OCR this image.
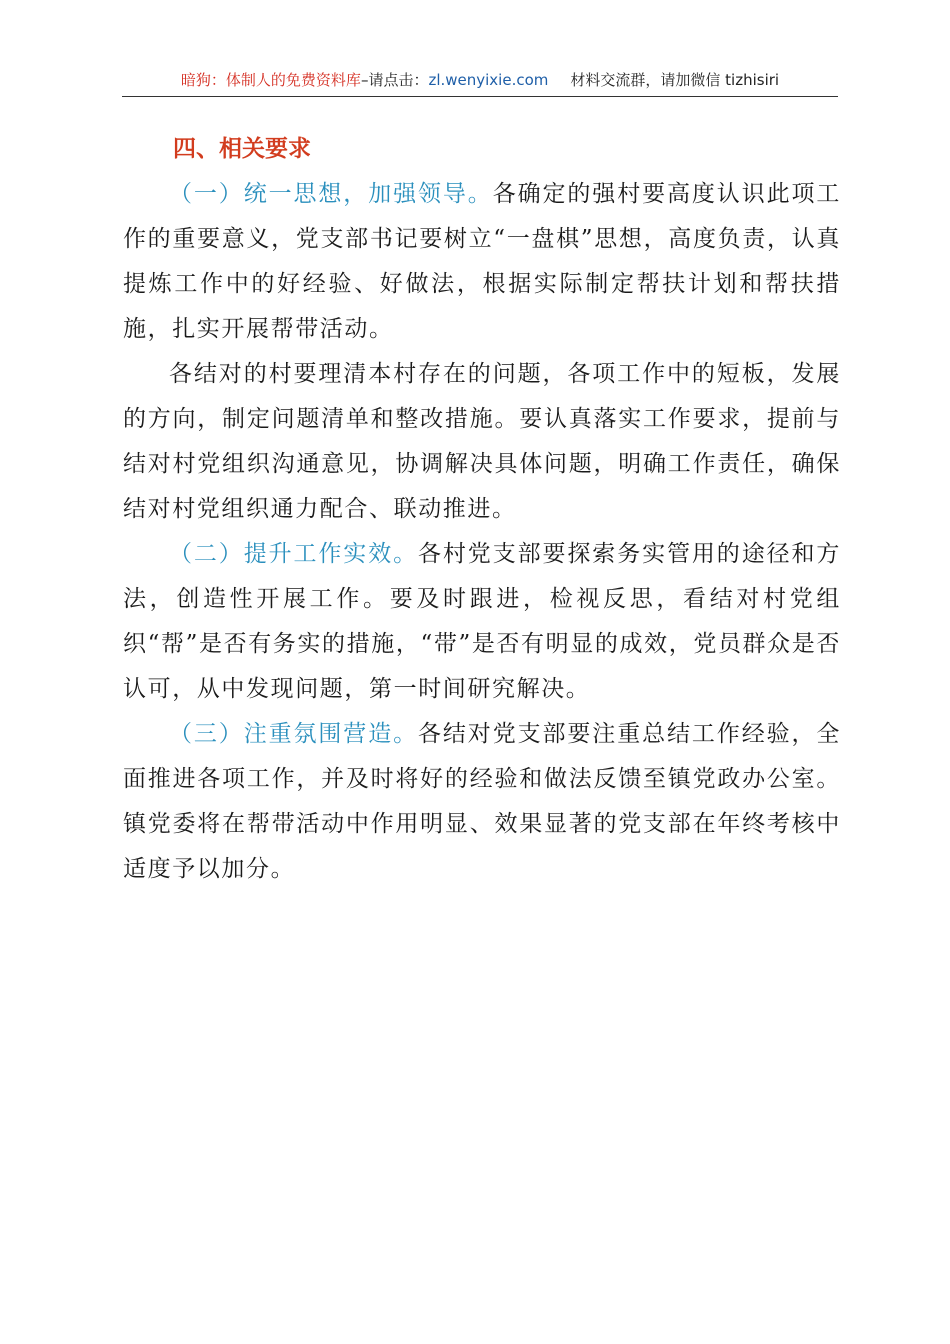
暗狗：体制人的免费资料库–请点击：zl.wenyixie.com 材料交流群，请加微信 tizhisiri
四、相关要求

（一）统一思想，加强领导。各确定的强村要高度认识此项工作的重要意义，党支部书记要树立“一盘棋”思想，高度负责，认真提炼工作中的好经验、好做法，根据实际制定帮扶计划和帮扶措施，扎实开展帮带活动。

各结对的村要理清本村存在的问题，各项工作中的短板，发展的方向，制定问题清单和整改措施。要认真落实工作要求，提前与结对村党组织沟通意见，协调解决具体问题，明确工作责任，确保结对村党组织通力配合、联动推进。

（二）提升工作实效。各村党支部要探索务实管用的途径和方法，创造性开展工作。要及时跟进，检视反思，看结对村党组织“帮”是否有务实的措施，“带”是否有明显的成效，党员群众是否认可，从中发现问题，第一时间研究解决。

（三）注重氛围营造。各结对党支部要注重总结工作经验，全面推进各项工作，并及时将好的经验和做法反馈至镇党政办公室。镇党委将在帮带活动中作用明显、效果显著的党支部在年终考核中适度予以加分。
